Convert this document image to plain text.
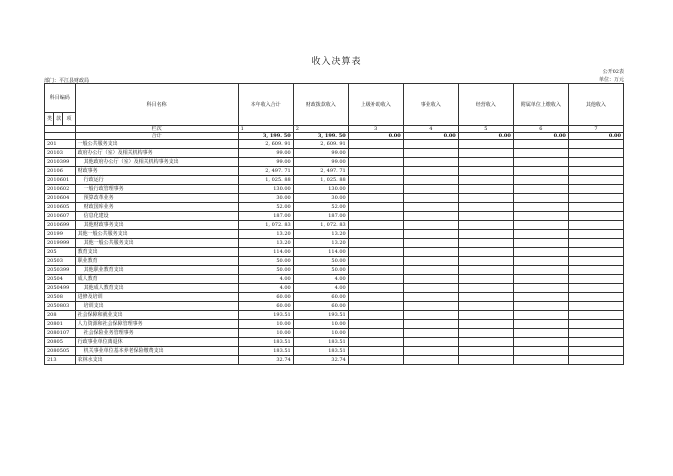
收入决算表
公开02表
单位：万元
部门：平江县财政局
科目编码			科目名称	本年收入合计	财政拨款收入	上级补助收入	事业收入	经营收入	附属单位上缴收入	其他收入
类	款	项								
			栏次	1	2	3	4	5	6	7
			合计	3, 199. 50	3, 199. 50	0.00	0.00	0.00	0.00	0.00
201			一般公共服务支出	2, 609. 91	2, 609. 91					
20103			政府办公厅（室）及相关机构事务	99.00	99.00					
2010399			其他政府办公厅（室）及相关机构事务支出	99.00	99.00					
20106			财政事务	2, 497. 71	2, 497. 71					
2010601			行政运行	1, 025. 88	1, 025. 88					
2010602			一般行政管理事务	130.00	130.00					
2010604			预算改革业务	30.00	30.00					
2010605			财政国库业务	52.00	52.00					
2010607			信息化建设	187.00	187.00					
2010699			其他财政事务支出	1, 072. 83	1, 072. 83					
20199			其他一般公共服务支出	13.20	13.20					
2019999			其他一般公共服务支出	13.20	13.20					
205			教育支出	114.00	114.00					
20503			职业教育	50.00	50.00					
2050399			其他职业教育支出	50.00	50.00					
20504			成人教育	4.00	4.00					
2050499			其他成人教育支出	4.00	4.00					
20508			进修及培训	60.00	60.00					
2050803			培训支出	60.00	60.00					
208			社会保障和就业支出	193.51	193.51					
20801			人力资源和社会保障管理事务	10.00	10.00					
2080107			社会保险业务管理事务	10.00	10.00					
20805			行政事业单位离退休	183.51	183.51					
2080505			机关事业单位基本养老保险缴费支出	183.51	183.51					
213			农林水支出	32.74	32.74					
